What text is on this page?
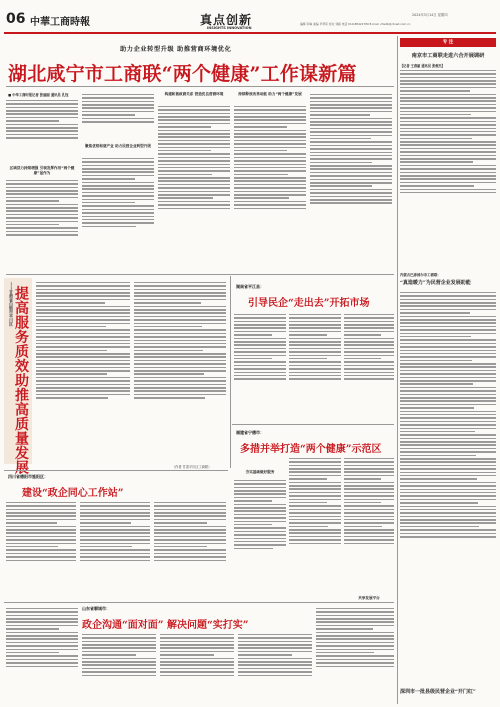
06 中華工商時報	真点创新
INSIGHTS INNOVATION
2024年3月14日 星期四
编辑 李琳 美编 毕翠荣 校对 刘娟 电话 010-88421789 E-mail: zhwtb@cbnet.com.cn
助力企业转型升级 助推营商环境优化
湖北咸宁市工商联“两个健康”工作谋新篇
■ 中华工商时报记者 张丽丽 通讯员 孔钰
区域活力持续增强 引领发挥作用“两个健康”显作为
聚焦优势和谐产业 助力民营企业转型升级
构建和谐政商关系 营造优良营商环境	持续释放改革动能 助力“两个健康”发展
专 注
南京市工商联走进六合开展调研
【记者 王春丽 通讯员 张俊杰】
内蒙古巴彦淖尔市工商联：
“真造暖力”为民营企业发展助能
深圳市一批县级民营企业“开门红”
——甘肃省白银市平川区 提高服务质效助推高质量发展	（作者 甘肃平川区工商联）
湖南省平江县：
引导民企“走出去”开拓市场
福建省宁德市：
多措并举打造“两个健康”示范区
夯实基础做好服务
共享发展平台
四川省德阳市旌阳区：
建设“政企同心工作站”
山东省聊城市：
政企沟通“面对面” 解决问题“实打实”
